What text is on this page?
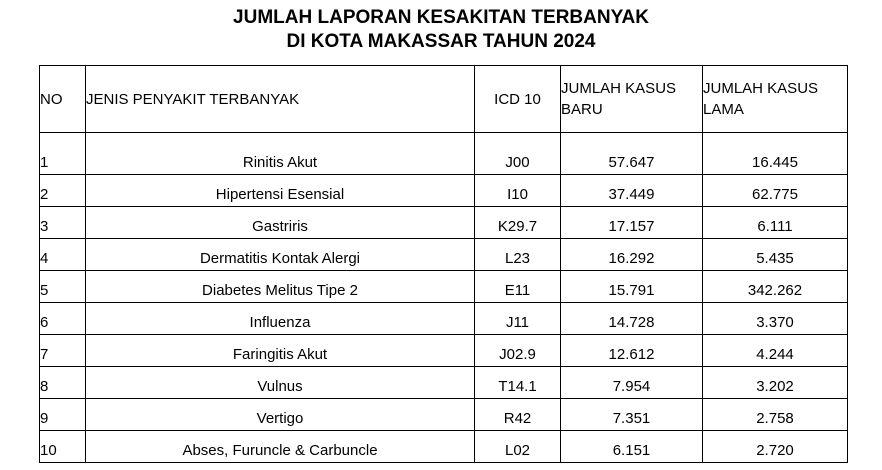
JUMLAH LAPORAN KESAKITAN TERBANYAK
DI KOTA MAKASSAR TAHUN 2024
NO	JENIS PENYAKIT TERBANYAK	ICD 10	JUMLAH KASUS BARU	JUMLAH KASUS LAMA

1	Rinitis Akut	J00	57.647	16.445
2	Hipertensi Esensial	I10	37.449	62.775
3	Gastriris	K29.7	17.157	6.111
4	Dermatitis Kontak Alergi	L23	16.292	5.435
5	Diabetes Melitus Tipe 2	E11	15.791	342.262
6	Influenza	J11	14.728	3.370
7	Faringitis Akut	J02.9	12.612	4.244
8	Vulnus	T14.1	7.954	3.202
9	Vertigo	R42	7.351	2.758
10	Abses, Furuncle & Carbuncle	L02	6.151	2.720
